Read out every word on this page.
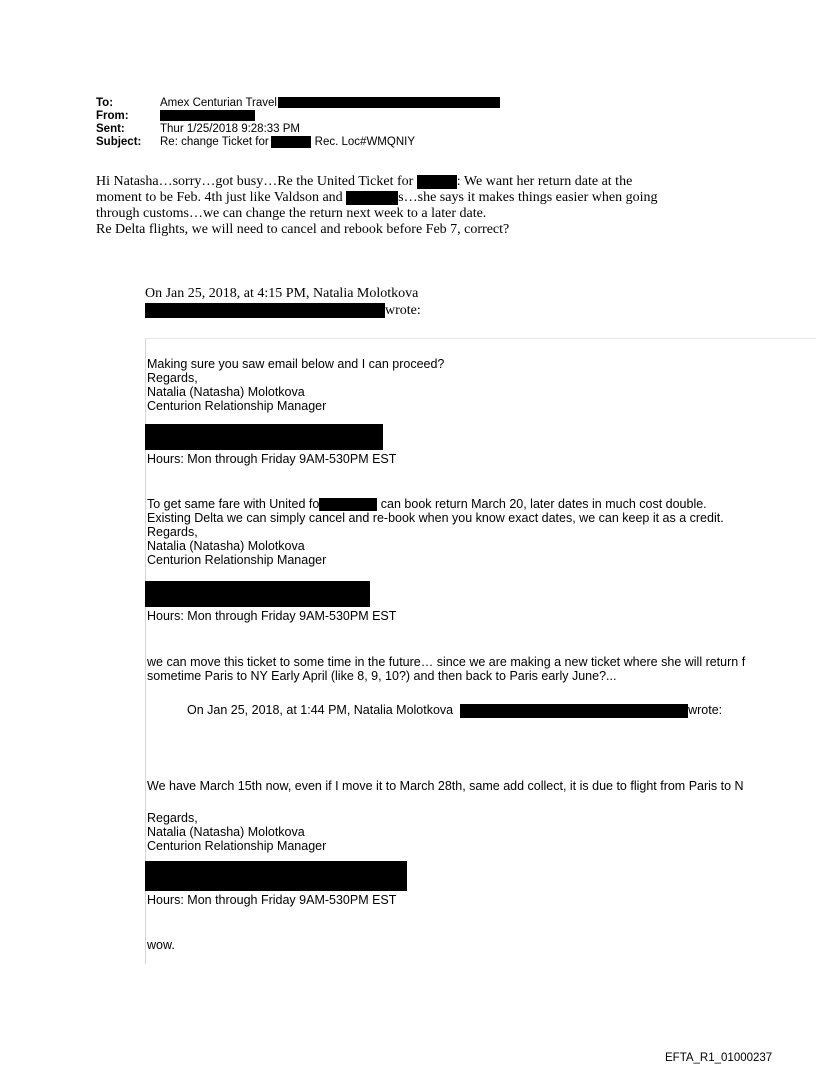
To:	Amex Centurian Travel
From:
Sent:	Thur 1/25/2018 9:28:33 PM
Subject: Re: change Ticket for	Rec. Loc#WMQNIY

Hi Natasha…sorry…got busy…Re the United Ticket for	: We want her return date at the

moment to be Feb. 4th just like Valdson and	s…she says it makes things easier when going

through customs…we can change the return next week to a later date.

Re Delta flights, we will need to cancel and rebook before Feb 7, correct?

On Jan 25, 2018, at 4:15 PM, Natalia Molotkova
wrote:
Making sure you saw email below and I can proceed?
Regards,
Natalia (Natasha) Molotkova
Centurion Relationship Manager
Hours: Mon through Friday 9AM-530PM EST
To get same fare with United fo	can book return March 20, later dates in much cost double.
Existing Delta we can simply cancel and re-book when you know exact dates, we can keep it as a credit.
Regards,
Natalia (Natasha) Molotkova
Centurion Relationship Manager
Hours: Mon through Friday 9AM-530PM EST
we can move this ticket to some time in the future… since we are making a new ticket where she will return f
sometime Paris to NY Early April (like 8, 9, 10?) and then back to Paris early June?...
On Jan 25, 2018, at 1:44 PM, Natalia Molotkova	wrote:
We have March 15th now, even if I move it to March 28th, same add collect, it is due to flight from Paris to N
Regards,
Natalia (Natasha) Molotkova
Centurion Relationship Manager
Hours: Mon through Friday 9AM-530PM EST
wow.
EFTA_R1_01000237
